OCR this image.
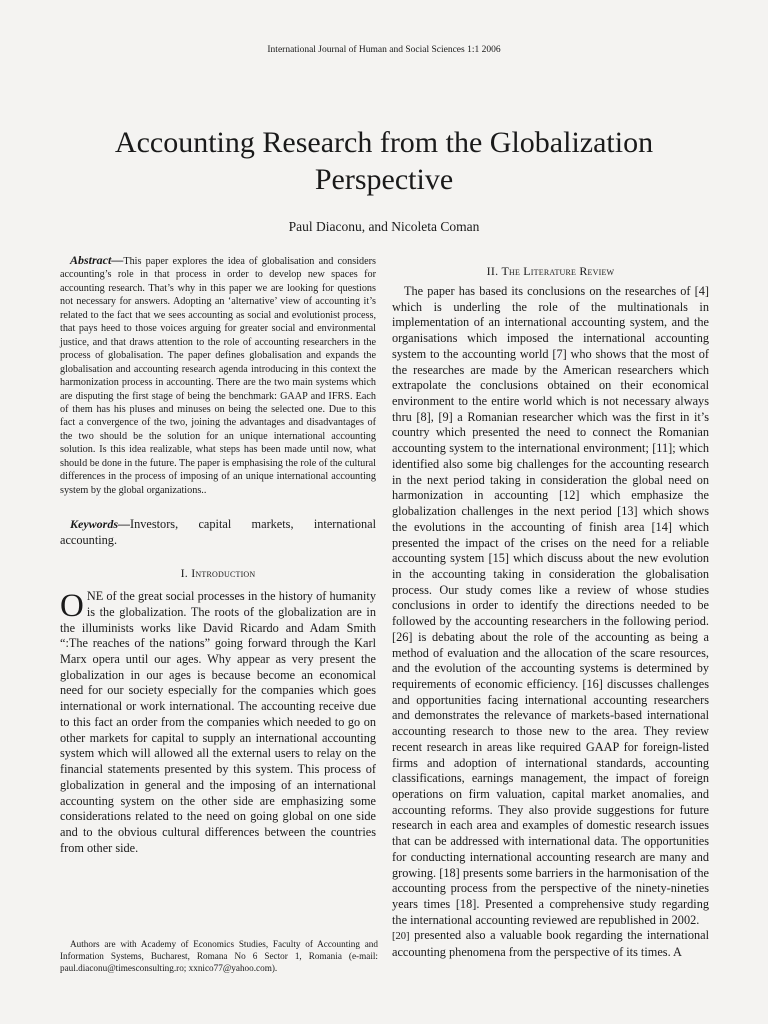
International Journal of Human and Social Sciences 1:1 2006
Accounting Research from the Globalization Perspective
Paul Diaconu, and Nicoleta Coman

Abstract—This paper explores the idea of globalisation and considers accounting’s role in that process in order to develop new spaces for accounting research. That’s why in this paper we are looking for questions not necessary for answers. Adopting an ‘alternative’ view of accounting it’s related to the fact that we sees accounting as social and evolutionist process, that pays heed to those voices arguing for greater social and environmental justice, and that draws attention to the role of accounting researchers in the process of globalisation. The paper defines globalisation and expands the globalisation and accounting research agenda introducing in this context the harmonization process in accounting. There are the two main systems which are disputing the first stage of being the benchmark: GAAP and IFRS. Each of them has his pluses and minuses on being the selected one. Due to this fact a convergence of the two, joining the advantages and disadvantages of the two should be the solution for an unique international accounting solution. Is this idea realizable, what steps has been made until now, what should be done in the future. The paper is emphasising the role of the cultural differences in the process of imposing of an unique international accounting system by the global organizations..

Keywords—Investors, capital markets, international accounting.

I. Introduction

ONE of the great social processes in the history of humanity is the globalization. The roots of the globalization are in the illuminists works like David Ricardo and Adam Smith “:The reaches of the nations” going forward through the Karl Marx opera until our ages. Why appear as very present the globalization in our ages is because become an economical need for our society especially for the companies which goes international or work international. The accounting receive due to this fact an order from the companies which needed to go on other markets for capital to supply an international accounting system which will allowed all the external users to relay on the financial statements presented by this system. This process of globalization in general and the imposing of an international accounting system on the other side are emphasizing some considerations related to the need on going global on one side and to the obvious cultural differences between the countries from other side.

Authors are with Academy of Economics Studies, Faculty of Accounting and Information Systems, Bucharest, Romana No 6 Sector 1, Romania (e-mail: paul.diaconu@timesconsulting.ro; xxnico77@yahoo.com).
II. The Literature Review

The paper has based its conclusions on the researches of [4] which is underling the role of the multinationals in implementation of an international accounting system, and the organisations which imposed the international accounting system to the accounting world [7] who shows that the most of the researches are made by the American researchers which extrapolate the conclusions obtained on their economical environment to the entire world which is not necessary always thru [8], [9] a Romanian researcher which was the first in it’s country which presented the need to connect the Romanian accounting system to the international environment; [11]; which identified also some big challenges for the accounting research in the next period taking in consideration the global need on harmonization in accounting [12] which emphasize the globalization challenges in the next period [13] which shows the evolutions in the accounting of finish area [14] which presented the impact of the crises on the need for a reliable accounting system [15] which discuss about the new evolution in the accounting taking in consideration the globalisation process. Our study comes like a review of whose studies conclusions in order to identify the directions needed to be followed by the accounting researchers in the following period. [26] is debating about the role of the accounting as being a method of evaluation and the allocation of the scare resources, and the evolution of the accounting systems is determined by requirements of economic efficiency. [16] discusses challenges and opportunities facing international accounting researchers and demonstrates the relevance of markets-based international accounting research to those new to the area. They review recent research in areas like required GAAP for foreign-listed firms and adoption of international standards, accounting classifications, earnings management, the impact of foreign operations on firm valuation, capital market anomalies, and accounting reforms. They also provide suggestions for future research in each area and examples of domestic research issues that can be addressed with international data. The opportunities for conducting international accounting research are many and growing. [18] presents some barriers in the harmonisation of the accounting process from the perspective of the ninety-nineties years times [18]. Presented a comprehensive study regarding the international accounting reviewed are republished in 2002.
[20] presented also a valuable book regarding the international accounting phenomena from the perspective of its times. A
